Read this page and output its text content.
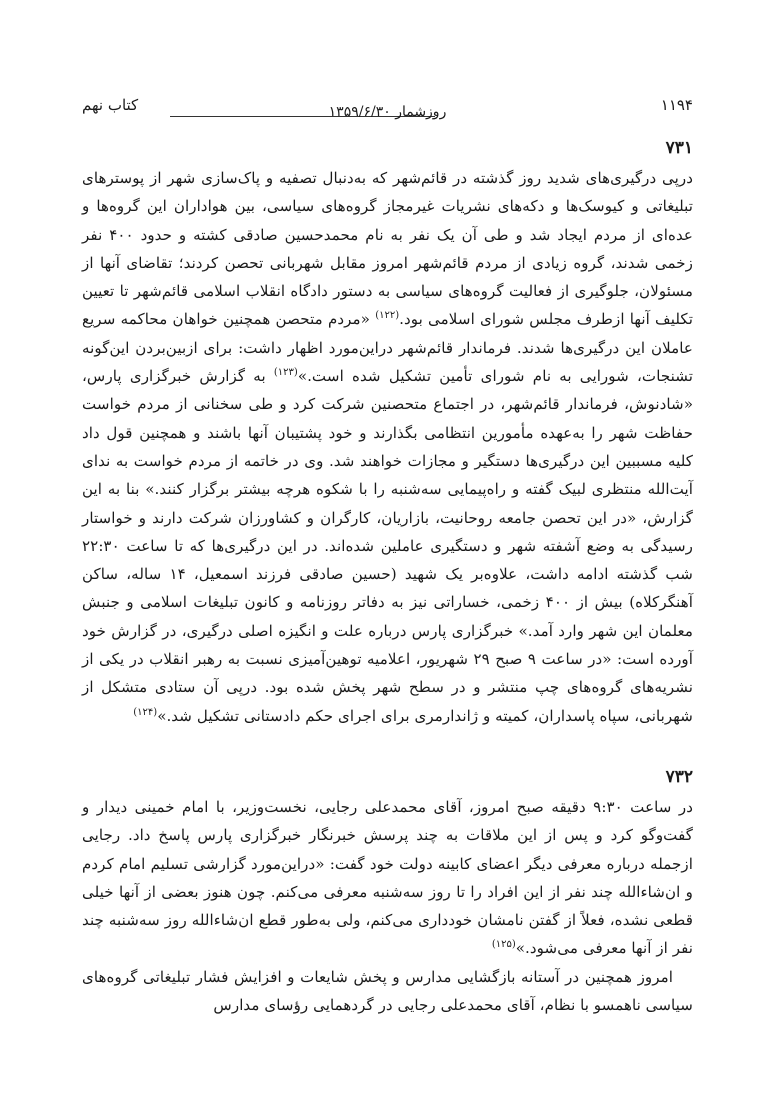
۱۱۹۴
روزشمار ۱۳۵۹/۶/۳۰
کتاب نهم
۷۳۱

درپی درگیری‌های شدید روز گذشته در قائم‌شهر که به‌دنبال تصفیه و پاک‌سازی شهر از پوسترهای تبلیغاتی و کیوسک‌ها و دکه‌های نشریات غیرمجاز گروه‌های سیاسی، بین هواداران این گروه‌ها و عده‌ای از مردم ایجاد شد و طی آن یک نفر به نام محمدحسین صادقی کشته و حدود ۴۰۰ نفر زخمی شدند، گروه زیادی از مردم قائم‌شهر امروز مقابل شهربانی تحصن کردند؛ تقاضای آنها از مسئولان، جلوگیری از فعالیت گروه‌های سیاسی به دستور دادگاه انقلاب اسلامی قائم‌شهر تا تعیین تکلیف آنها ازطرف مجلس شورای اسلامی بود.$^{(۱۲۲)}$ «مردم متحصن همچنین خواهان محاکمه سریع عاملان این درگیری‌ها شدند. فرماندار قائم‌شهر دراین‌مورد اظهار داشت: برای ازبین‌بردن این‌گونه تشنجات، شورایی به نام شورای تأمین تشکیل شده است.»$^{(۱۲۳)}$ به گزارش خبرگزاری پارس، «شادنوش، فرماندار قائم‌شهر، در اجتماع متحصنین شرکت کرد و طی سخنانی از مردم خواست حفاظت شهر را به‌عهده مأمورین انتظامی بگذارند و خود پشتیبان آنها باشند و همچنین قول داد کلیه مسببین این درگیری‌ها دستگیر و مجازات خواهند شد. وی در خاتمه از مردم خواست به ندای آیت‌الله منتظری لبیک گفته و راه‌پیمایی سه‌شنبه را با شکوه هرچه بیشتر برگزار کنند.» بنا به این گزارش، «در این تحصن جامعه روحانیت، بازاریان، کارگران و کشاورزان شرکت دارند و خواستار رسیدگی به وضع آشفته شهر و دستگیری عاملین شده‌اند. در این درگیری‌ها که تا ساعت ۲۲:۳۰ شب گذشته ادامه داشت، علاوه‌بر یک شهید (حسین صادقی فرزند اسمعیل، ۱۴ ساله، ساکن آهنگرکلاه) بیش از ۴۰۰ زخمی، خساراتی نیز به دفاتر روزنامه و کانون تبلیغات اسلامی و جنبش معلمان این شهر وارد آمد.» خبرگزاری پارس درباره علت و انگیزه اصلی درگیری، در گزارش خود آورده است: «در ساعت ۹ صبح ۲۹ شهریور، اعلامیه توهین‌آمیزی نسبت به رهبر انقلاب در یکی از نشریه‌های گروه‌های چپ منتشر و در سطح شهر پخش شده بود. درپی آن ستادی متشکل از شهربانی، سپاه پاسداران، کمیته و ژاندارمری برای اجرای حکم دادستانی تشکیل شد.»$^{(۱۲۴)}$

۷۳۲

در ساعت ۹:۳۰ دقیقه صبح امروز، آقای محمدعلی رجایی، نخست‌وزیر، با امام خمینی دیدار و گفت‌وگو کرد و پس از این ملاقات به چند پرسش خبرنگار خبرگزاری پارس پاسخ داد. رجایی ازجمله درباره معرفی دیگر اعضای کابینه دولت خود گفت: «دراین‌مورد گزارشی تسلیم امام کردم و ان‌شاءالله چند نفر از این افراد را تا روز سه‌شنبه معرفی می‌کنم. چون هنوز بعضی از آنها خیلی قطعی نشده، فعلاً از گفتن نامشان خودداری می‌کنم، ولی به‌طور قطع ان‌شاءالله روز سه‌شنبه چند نفر از آنها معرفی می‌شود.»$^{(۱۲۵)}$

امروز همچنین در آستانه بازگشایی مدارس و پخش شایعات و افزایش فشار تبلیغاتی گروه‌های سیاسی ناهمسو با نظام، آقای محمدعلی رجایی در گردهمایی رؤسای مدارس
